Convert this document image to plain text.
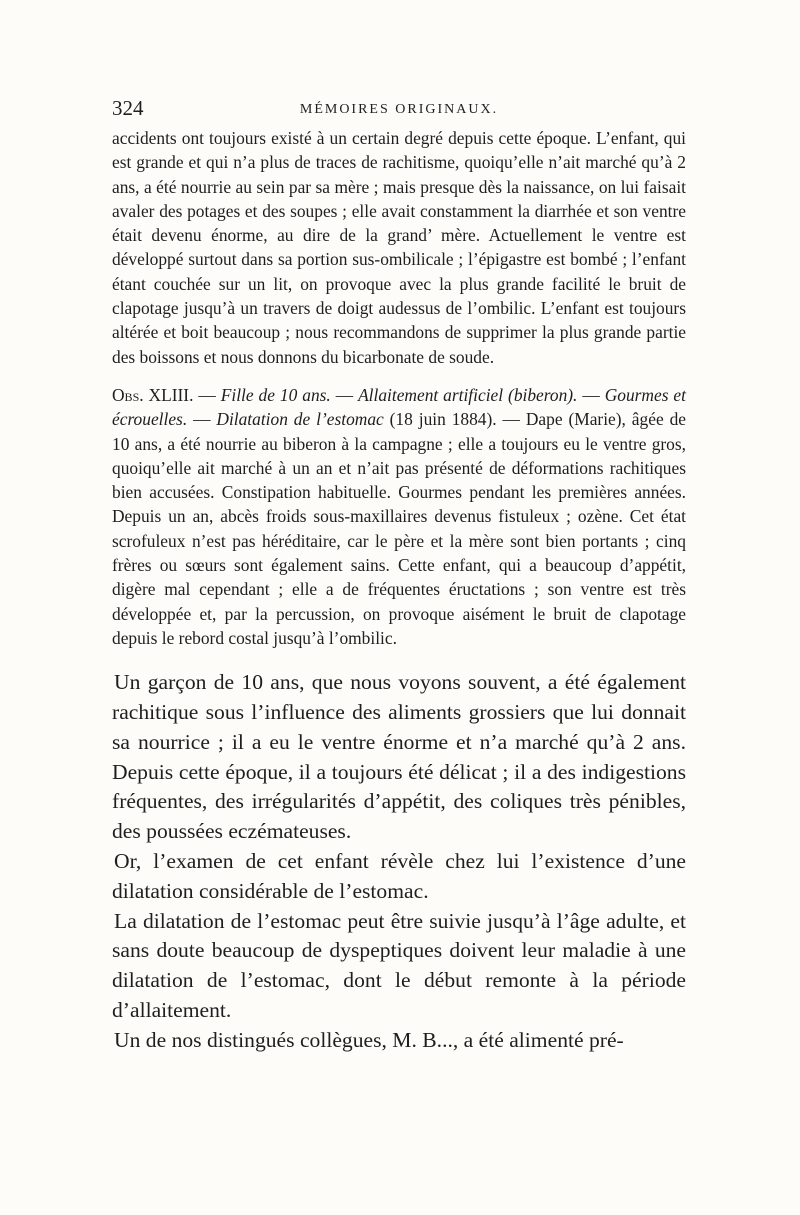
324	MÉMOIRES ORIGINAUX.

accidents ont toujours existé à un certain degré depuis cette époque. L’enfant, qui est grande et qui n’a plus de traces de rachitisme, quoiqu’elle n’ait marché qu’à 2 ans, a été nourrie au sein par sa mère ; mais presque dès la naissance, on lui faisait avaler des potages et des soupes ; elle avait constamment la diarrhée et son ventre était devenu énorme, au dire de la grand’ mère. Actuellement le ventre est développé surtout dans sa portion sus-ombilicale ; l’épigastre est bombé ; l’enfant étant couchée sur un lit, on provoque avec la plus grande facilité le bruit de clapotage jusqu’à un travers de doigt audessus de l’ombilic. L’enfant est toujours altérée et boit beaucoup ; nous recommandons de supprimer la plus grande partie des boissons et nous donnons du bicarbonate de soude.

Obs. XLIII. — Fille de 10 ans. — Allaitement artificiel (biberon). — Gourmes et écrouelles. — Dilatation de l’estomac (18 juin 1884). — Dape (Marie), âgée de 10 ans, a été nourrie au biberon à la campagne ; elle a toujours eu le ventre gros, quoiqu’elle ait marché à un an et n’ait pas présenté de déformations rachitiques bien accusées. Constipation habituelle. Gourmes pendant les premières années. Depuis un an, abcès froids sous-maxillaires devenus fistuleux ; ozène. Cet état scrofuleux n’est pas héréditaire, car le père et la mère sont bien portants ; cinq frères ou sœurs sont également sains. Cette enfant, qui a beaucoup d’appétit, digère mal cependant ; elle a de fréquentes éructations ; son ventre est très développée et, par la percussion, on provoque aisément le bruit de clapotage depuis le rebord costal jusqu’à l’ombilic.

Un garçon de 10 ans, que nous voyons souvent, a été également rachitique sous l’influence des aliments grossiers que lui donnait sa nourrice ; il a eu le ventre énorme et n’a marché qu’à 2 ans. Depuis cette époque, il a toujours été délicat ; il a des indigestions fréquentes, des irrégularités d’appétit, des coliques très pénibles, des poussées eczémateuses.

Or, l’examen de cet enfant révèle chez lui l’existence d’une dilatation considérable de l’estomac.

La dilatation de l’estomac peut être suivie jusqu’à l’âge adulte, et sans doute beaucoup de dyspeptiques doivent leur maladie à une dilatation de l’estomac, dont le début remonte à la période d’allaitement.

Un de nos distingués collègues, M. B..., a été alimenté pré-
